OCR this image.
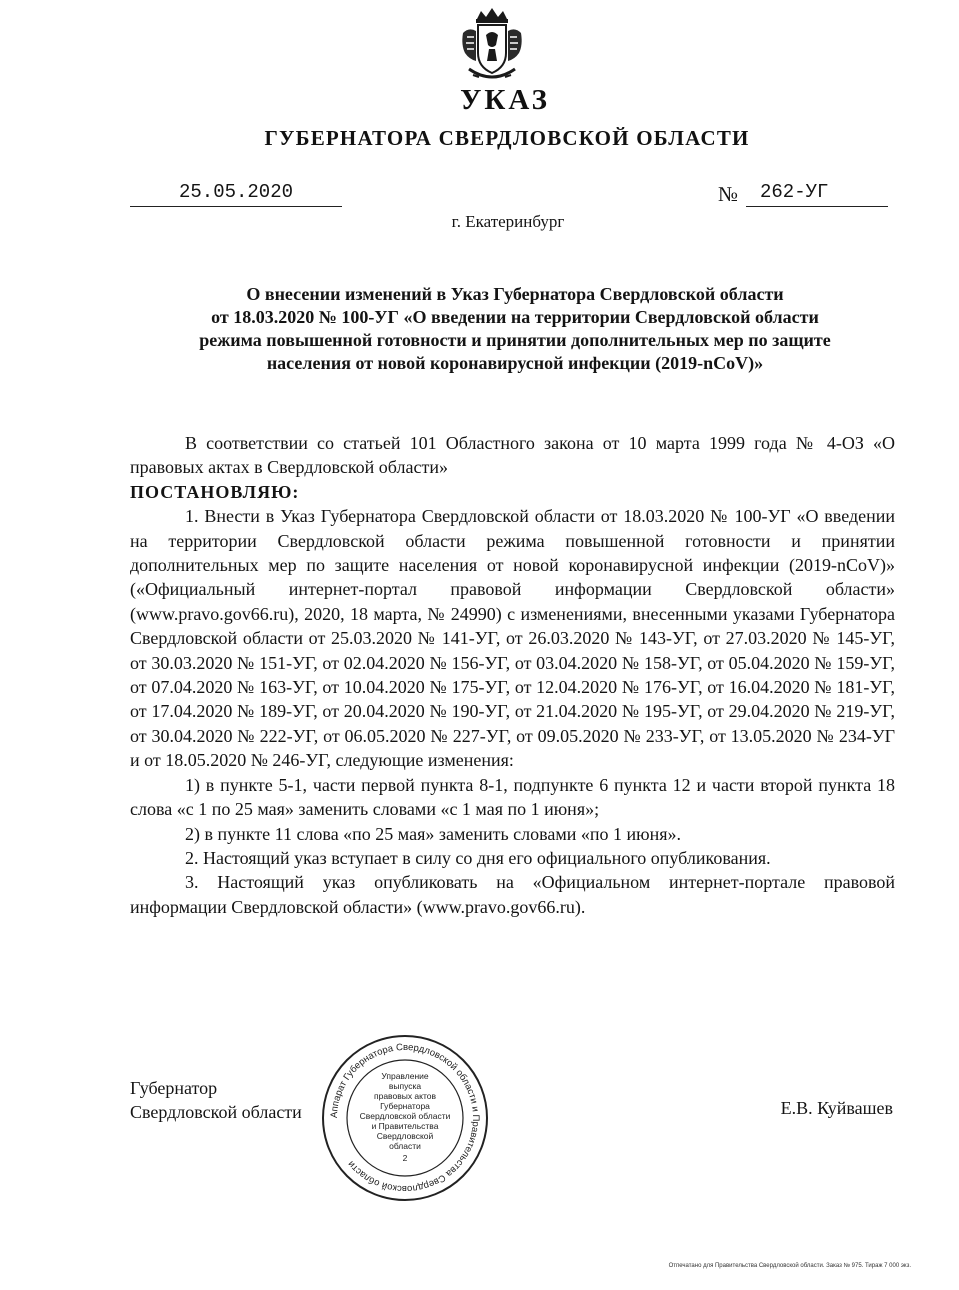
УКАЗ
ГУБЕРНАТОРА СВЕРДЛОВСКОЙ ОБЛАСТИ
25.05.2020	№	262-УГ
г. Екатеринбург
О внесении изменений в Указ Губернатора Свердловской области
от 18.03.2020 № 100-УГ «О введении на территории Свердловской области
режима повышенной готовности и принятии дополнительных мер по защите
населения от новой коронавирусной инфекции (2019-nCoV)»

В соответствии со статьей 101 Областного закона от 10 марта 1999 года № 4-ОЗ «О правовых актах в Свердловской области»

ПОСТАНОВЛЯЮ:

1. Внести в Указ Губернатора Свердловской области от 18.03.2020 № 100-УГ «О введении на территории Свердловской области режима повышенной готовности и принятии дополнительных мер по защите населения от новой коронавирусной инфекции (2019-nCoV)» («Официальный интернет-портал правовой информации Свердловской области» (www.pravo.gov66.ru), 2020, 18 марта, № 24990) с изменениями, внесенными указами Губернатора Свердловской области от 25.03.2020 № 141-УГ, от 26.03.2020 № 143-УГ, от 27.03.2020 № 145-УГ, от 30.03.2020 № 151-УГ, от 02.04.2020 № 156-УГ, от 03.04.2020 № 158-УГ, от 05.04.2020 № 159-УГ, от 07.04.2020 № 163-УГ, от 10.04.2020 № 175-УГ, от 12.04.2020 № 176-УГ, от 16.04.2020 № 181-УГ, от 17.04.2020 № 189-УГ, от 20.04.2020 № 190-УГ, от 21.04.2020 № 195-УГ, от 29.04.2020 № 219-УГ, от 30.04.2020 № 222-УГ, от 06.05.2020 № 227-УГ, от 09.05.2020 № 233-УГ, от 13.05.2020 № 234-УГ и от 18.05.2020 № 246-УГ, следующие изменения:

1) в пункте 5-1, части первой пункта 8-1, подпункте 6 пункта 12 и части второй пункта 18 слова «с 1 по 25 мая» заменить словами «с 1 мая по 1 июня»;

2) в пункте 11 слова «по 25 мая» заменить словами «по 1 июня».

2. Настоящий указ вступает в силу со дня его официального опубликования.

3. Настоящий указ опубликовать на «Официальном интернет-портале правовой информации Свердловской области» (www.pravo.gov66.ru).

Губернатор
Свердловской области	Е.В. Куйвашев
Аппарат Губернатора Свердловской области и Правительства Свердловской области
Управление
выпуска
правовых актов
Губернатора
Свердловской области
и Правительства
Свердловской
области
2
Отпечатано для Правительства Свердловской области. Заказ № 975. Тираж 7 000 экз.
